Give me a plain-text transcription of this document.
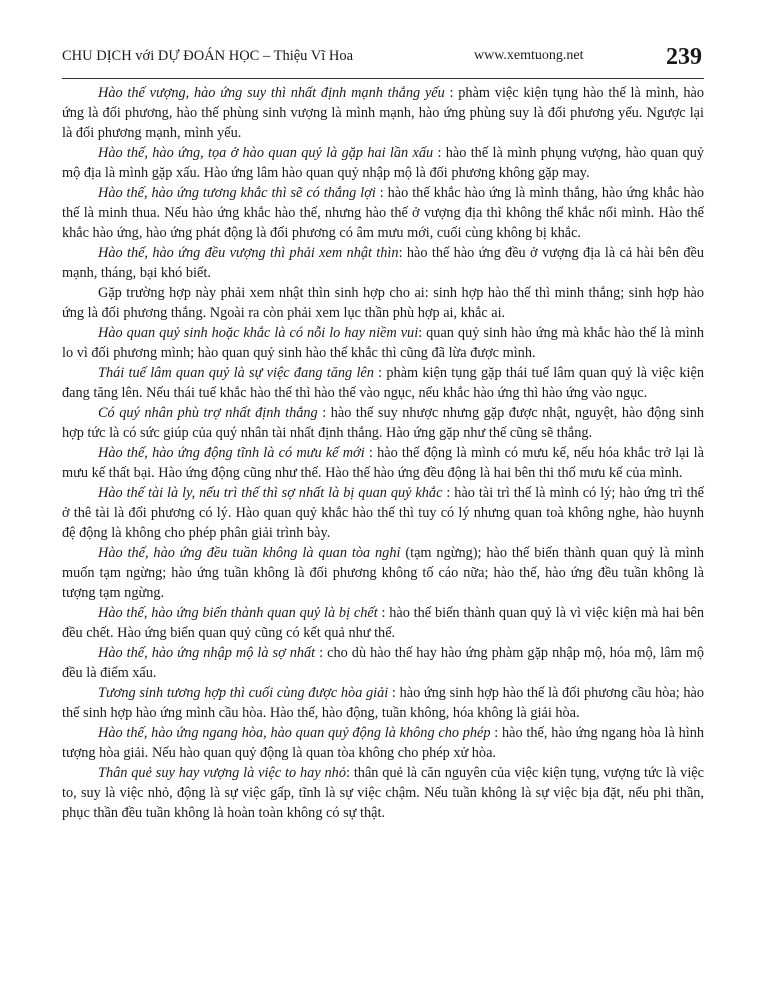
CHU DỊCH với DỰ ĐOÁN HỌC – Thiệu Vĩ Hoa	www.xemtuong.net	239

Hào thế vượng, hào ứng suy thì nhất định mạnh thắng yếu : phàm việc kiện tụng hào thế là mình, hào ứng là đối phương, hào thế phùng sinh vượng là mình mạnh, hào ứng phùng suy là đối phương yếu. Ngược lại là đối phương mạnh, mình yếu.

Hào thế, hào ứng, tọa ở hào quan quỷ là gặp hai lần xấu : hào thế là mình phụng vượng, hào quan quỷ mộ địa là mình gặp xấu. Hào ứng lâm hào quan quỷ nhập mộ là đối phương không gặp may.

Hào thế, hào ứng tương khắc thì sẽ có thắng lợi : hào thế khắc hào ứng là mình thắng, hào ứng khắc hào thế là minh thua. Nếu hào ứng khắc hào thế, nhưng hào thế ở vượng địa thì không thể khắc nổi mình. Hào thế khắc hào ứng, hào ứng phát động là đối phương có âm mưu mới, cuối cùng không bị khắc.

Hào thế, hào ứng đều vượng thì phải xem nhật thìn: hào thế hào ứng đều ở vượng địa là cả hài bên đều mạnh, tháng, bại khó biết.

Gặp trường hợp này phải xem nhật thìn sinh hợp cho ai: sinh hợp hào thế thì minh thắng; sinh hợp hào ứng là đối phương thắng. Ngoài ra còn phải xem lục thần phù hợp ai, khắc ai.

Hào quan quỷ sinh hoặc khắc là có nỗi lo hay niềm vui: quan quỷ sinh hào ứng mà khắc hào thế là mình lo vì đối phương mình; hào quan quỷ sinh hào thế khắc thì cũng đã lừa được mình.

Thái tuế lâm quan quỷ là sự việc đang tăng lên : phàm kiện tụng gặp thái tuế lâm quan quỷ là việc kiện đang tăng lên. Nếu thái tuế khắc hào thế thì hào thế vào ngục, nếu khắc hào ứng thì hào ứng vào ngục.

Có quý nhân phù trợ nhất định thắng : hào thế suy nhược nhưng gặp được nhật, nguyệt, hào động sinh hợp tức là có sức giúp của quý nhân tài nhất định thắng. Hào ứng gặp như thế cũng sẽ thắng.

Hào thế, hào ứng động tĩnh là có mưu kế mới : hào thế động là mình có mưu kế, nếu hóa khắc trở lại là mưu kế thất bại. Hào ứng động cũng như thế. Hào thế hào ứng đều động là hai bên thi thố mưu kế của mình.

Hào thế tài là ly, nếu trì thế thì sợ nhất là bị quan quỷ khắc : hào tài trì thế là mình có lý; hào ứng trì thế ở thê tài là đối phương có lý. Hào quan quỷ khắc hào thế thì tuy có lý nhưng quan toà không nghe, hào huynh đệ động là không cho phép phân giải trình bày.

Hào thế, hào ứng đều tuần không là quan tòa nghỉ (tạm ngừng); hào thế biến thành quan quỷ là mình muốn tạm ngừng; hào ứng tuần không là đối phương không tố cáo nữa; hào thế, hào ứng đều tuần không là tượng tạm ngừng.

Hào thế, hào ứng biến thành quan quỷ là bị chết : hào thế biến thành quan quỷ là vì việc kiện mà hai bên đều chết. Hào ứng biến quan quỷ cũng có kết quả như thế.

Hào thế, hào ứng nhập mộ là sợ nhất : cho dù hào thế hay hào ứng phàm gặp nhập mộ, hóa mộ, lâm mộ đều là điểm xấu.

Tương sinh tương hợp thì cuối cùng được hòa giải : hào ứng sinh hợp hào thế là đối phương cầu hòa; hào thế sinh hợp hào ứng mình cầu hòa. Hào thế, hào động, tuần không, hóa không là giải hòa.

Hào thế, hào ứng ngang hòa, hào quan quỷ động là không cho phép : hào thế, hào ứng ngang hòa là hình tượng hòa giải. Nếu hào quan quỷ động là quan tòa không cho phép xử hòa.

Thân quẻ suy hay vượng là việc to hay nhỏ: thân quẻ là căn nguyên của việc kiện tụng, vượng tức là việc to, suy là việc nhỏ, động là sự việc gấp, tĩnh là sự việc chậm. Nếu tuần không là sự việc bịa đặt, nếu phi thần, phục thần đều tuần không là hoàn toàn không có sự thật.
